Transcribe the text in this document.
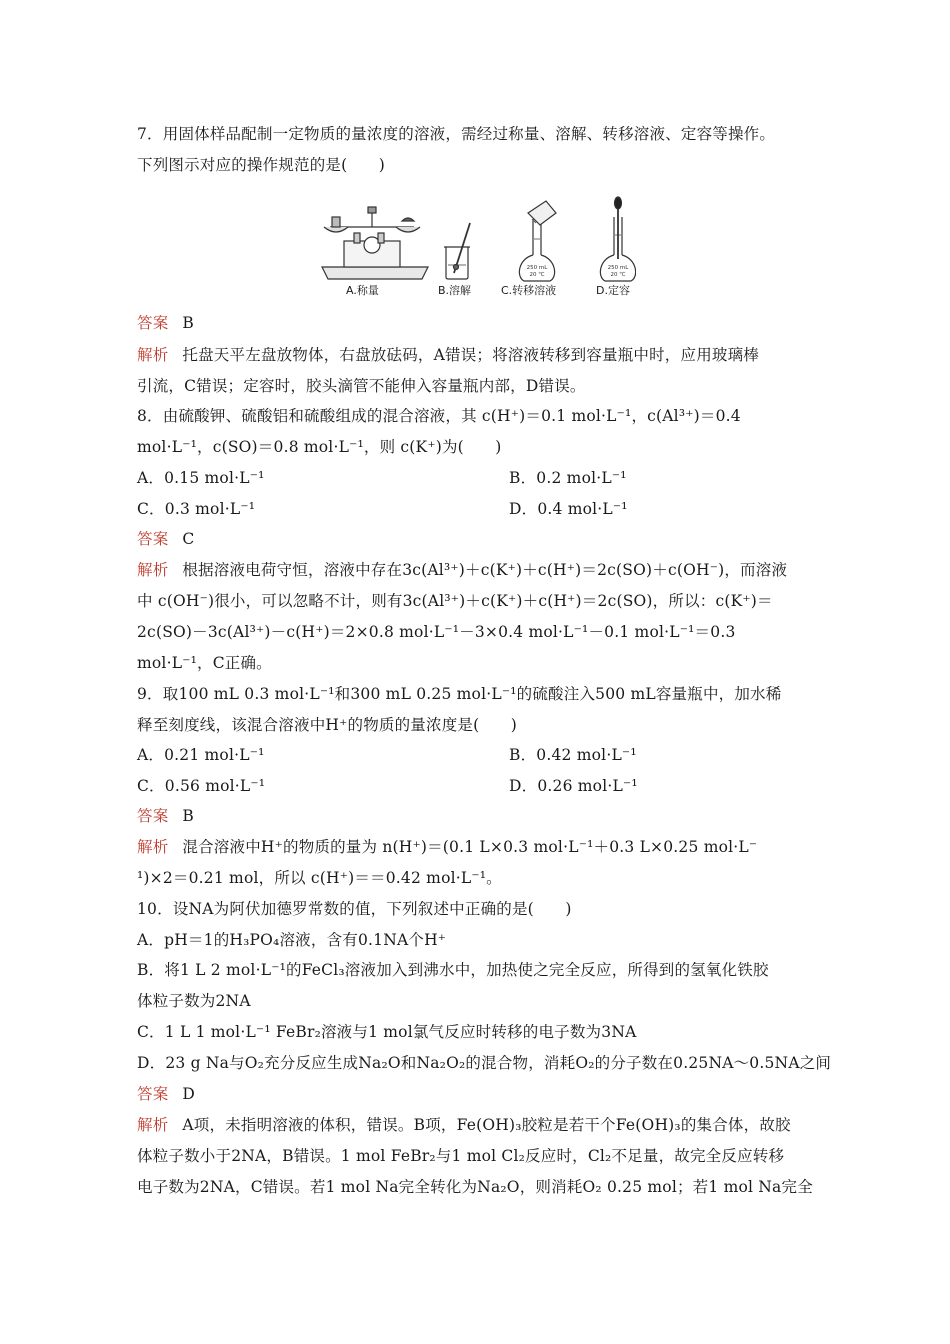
7．用固体样品配制一定物质的量浓度的溶液，需经过称量、溶解、转移溶液、定容等操作。
下列图示对应的操作规范的是(　　)
250 mL
20 ℃
250 mL
20 ℃
A.称量	B.溶解	C.转移溶液	D.定容
答案 B
解析 托盘天平左盘放物体，右盘放砝码，A错误；将溶液转移到容量瓶中时，应用玻璃棒
引流，C错误；定容时，胶头滴管不能伸入容量瓶内部，D错误。
8．由硫酸钾、硫酸铝和硫酸组成的混合溶液，其 c(H⁺)＝0.1 mol·L⁻¹，c(Al³⁺)＝0.4
mol·L⁻¹，c(SO)＝0.8 mol·L⁻¹，则 c(K⁺)为(　　)
A．0.15 mol·L⁻¹	B．0.2 mol·L⁻¹
C．0.3 mol·L⁻¹	D．0.4 mol·L⁻¹
答案 C
解析 根据溶液电荷守恒，溶液中存在3c(Al³⁺)＋c(K⁺)＋c(H⁺)＝2c(SO)＋c(OH⁻)，而溶液
中 c(OH⁻)很小，可以忽略不计，则有3c(Al³⁺)＋c(K⁺)＋c(H⁺)＝2c(SO)，所以：c(K⁺)＝
2c(SO)－3c(Al³⁺)－c(H⁺)＝2×0.8 mol·L⁻¹－3×0.4 mol·L⁻¹－0.1 mol·L⁻¹＝0.3
mol·L⁻¹，C正确。
9．取100 mL 0.3 mol·L⁻¹和300 mL 0.25 mol·L⁻¹的硫酸注入500 mL容量瓶中，加水稀
释至刻度线，该混合溶液中H⁺的物质的量浓度是(　　)
A．0.21 mol·L⁻¹	B．0.42 mol·L⁻¹
C．0.56 mol·L⁻¹	D．0.26 mol·L⁻¹
答案 B
解析 混合溶液中H⁺的物质的量为 n(H⁺)＝(0.1 L×0.3 mol·L⁻¹＋0.3 L×0.25 mol·L⁻
¹)×2＝0.21 mol，所以 c(H⁺)＝＝0.42 mol·L⁻¹。
10．设NA为阿伏加德罗常数的值，下列叙述中正确的是(　　)
A．pH＝1的H₃PO₄溶液，含有0.1NA个H⁺
B．将1 L 2 mol·L⁻¹的FeCl₃溶液加入到沸水中，加热使之完全反应，所得到的氢氧化铁胶
体粒子数为2NA
C．1 L 1 mol·L⁻¹ FeBr₂溶液与1 mol氯气反应时转移的电子数为3NA
D．23 g Na与O₂充分反应生成Na₂O和Na₂O₂的混合物，消耗O₂的分子数在0.25NA～0.5NA之间
答案 D
解析 A项，未指明溶液的体积，错误。B项，Fe(OH)₃胶粒是若干个Fe(OH)₃的集合体，故胶
体粒子数小于2NA，B错误。1 mol FeBr₂与1 mol Cl₂反应时，Cl₂不足量，故完全反应转移
电子数为2NA，C错误。若1 mol Na完全转化为Na₂O，则消耗O₂ 0.25 mol；若1 mol Na完全
